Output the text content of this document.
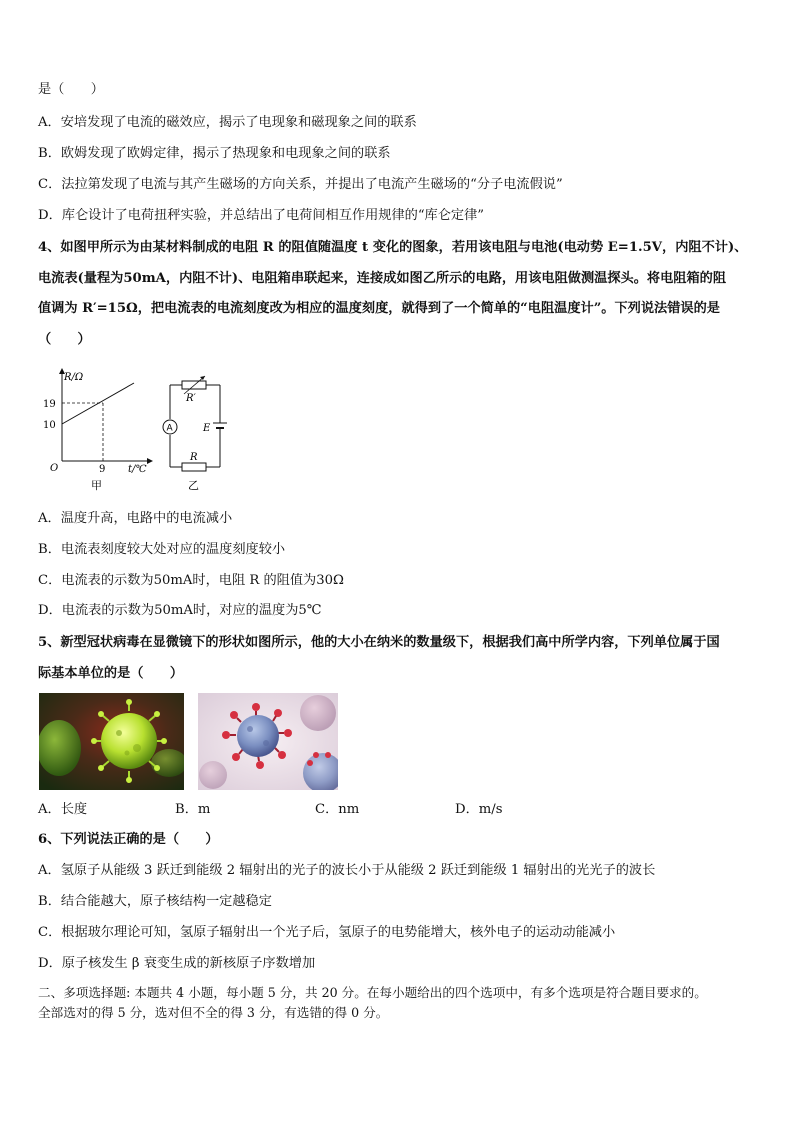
是（　　）
A．安培发现了电流的磁效应，揭示了电现象和磁现象之间的联系
B．欧姆发现了欧姆定律，揭示了热现象和电现象之间的联系
C．法拉第发现了电流与其产生磁场的方向关系，并提出了电流产生磁场的“分子电流假说”
D．库仑设计了电荷扭秤实验，并总结出了电荷间相互作用规律的“库仑定律”
4、如图甲所示为由某材料制成的电阻 R 的阻值随温度 t 变化的图象，若用该电阻与电池(电动势 E=1.5V，内阻不计)、
电流表(量程为50mA，内阻不计)、电阻箱串联起来，连接成如图乙所示的电路，用该电阻做测温探头。将电阻箱的阻
值调为 R′=15Ω，把电流表的电流刻度改为相应的温度刻度，就得到了一个简单的“电阻温度计”。下列说法错误的是
（　　）
R/Ω
19
10
O	9 t/℃
甲
R′
A	E
R
乙
A．温度升高，电路中的电流减小
B．电流表刻度较大处对应的温度刻度较小
C．电流表的示数为50mA时，电阻 R 的阻值为30Ω
D．电流表的示数为50mA时，对应的温度为5℃
5、新型冠状病毒在显微镜下的形状如图所示，他的大小在纳米的数量级下，根据我们高中所学内容，下列单位属于国
际基本单位的是（　　）
A．长度	B．m	C．nm	D．m/s
6、下列说法正确的是（　　）
A．氢原子从能级 3 跃迁到能级 2 辐射出的光子的波长小于从能级 2 跃迁到能级 1 辐射出的光光子的波长
B．结合能越大，原子核结构一定越稳定
C．根据玻尔理论可知，氢原子辐射出一个光子后，氢原子的电势能增大，核外电子的运动动能减小
D．原子核发生 β 衰变生成的新核原子序数增加
二、多项选择题: 本题共 4 小题，每小题 5 分，共 20 分。在每小题给出的四个选项中，有多个选项是符合题目要求的。
全部选对的得 5 分，选对但不全的得 3 分，有选错的得 0 分。
